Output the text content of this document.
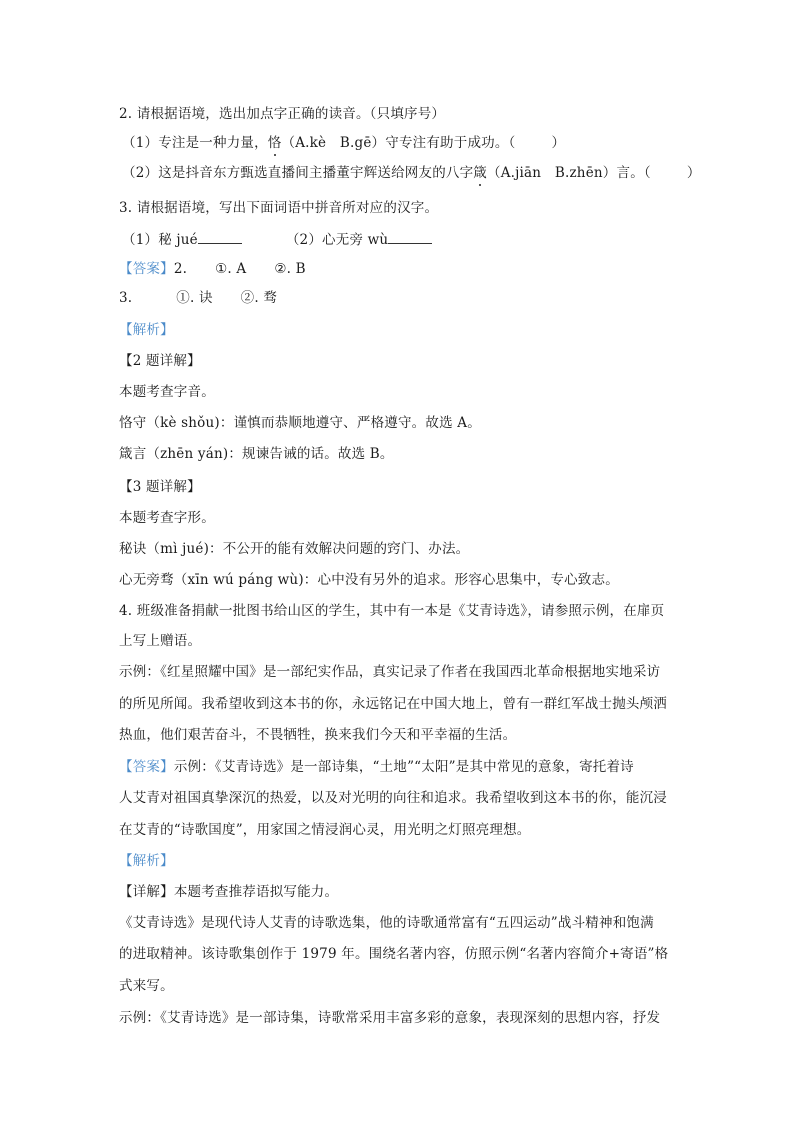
2. 请根据语境，选出加点字正确的读音。（只填序号）
（1）专注是一种力量，恪（A.kè　B.gē）守专注有助于成功。（	）
（2）这是抖音东方甄选直播间主播董宇辉送给网友的八字箴（A.jiān　B.zhēn）言。（	）
3. 请根据语境，写出下面词语中拼音所对应的汉字。
（1）秘 jué	（2）心无旁 wù
【答案】2. ①. A ②. B
3.	①. 诀 ②. 骛
【解析】
【2 题详解】
本题考查字音。
恪守（kè shǒu)：谨慎而恭顺地遵守、严格遵守。故选 A。
箴言（zhēn yán)：规谏告诫的话。故选 B。
【3 题详解】
本题考查字形。
秘诀（mì jué)：不公开的能有效解决问题的窍门、办法。
心无旁骛（xīn wú páng wù)：心中没有另外的追求。形容心思集中，专心致志。
4. 班级准备捐献一批图书给山区的学生，其中有一本是《艾青诗选》，请参照示例，在扉页
上写上赠语。
示例：《红星照耀中国》是一部纪实作品，真实记录了作者在我国西北革命根据地实地采访
的所见所闻。我希望收到这本书的你，永远铭记在中国大地上，曾有一群红军战士抛头颅洒
热血，他们艰苦奋斗，不畏牺牲，换来我们今天和平幸福的生活。
【答案】示例：《艾青诗选》是一部诗集，“土地”“太阳”是其中常见的意象，寄托着诗
人艾青对祖国真挚深沉的热爱，以及对光明的向往和追求。我希望收到这本书的你，能沉浸
在艾青的“诗歌国度”，用家国之情浸润心灵，用光明之灯照亮理想。
【解析】
【详解】本题考查推荐语拟写能力。
《艾青诗选》是现代诗人艾青的诗歌选集，他的诗歌通常富有“五四运动”战斗精神和饱满
的进取精神。该诗歌集创作于 1979 年。围绕名著内容，仿照示例“名著内容简介+寄语”格
式来写。
示例：《艾青诗选》是一部诗集，诗歌常采用丰富多彩的意象，表现深刻的思想内容，抒发
